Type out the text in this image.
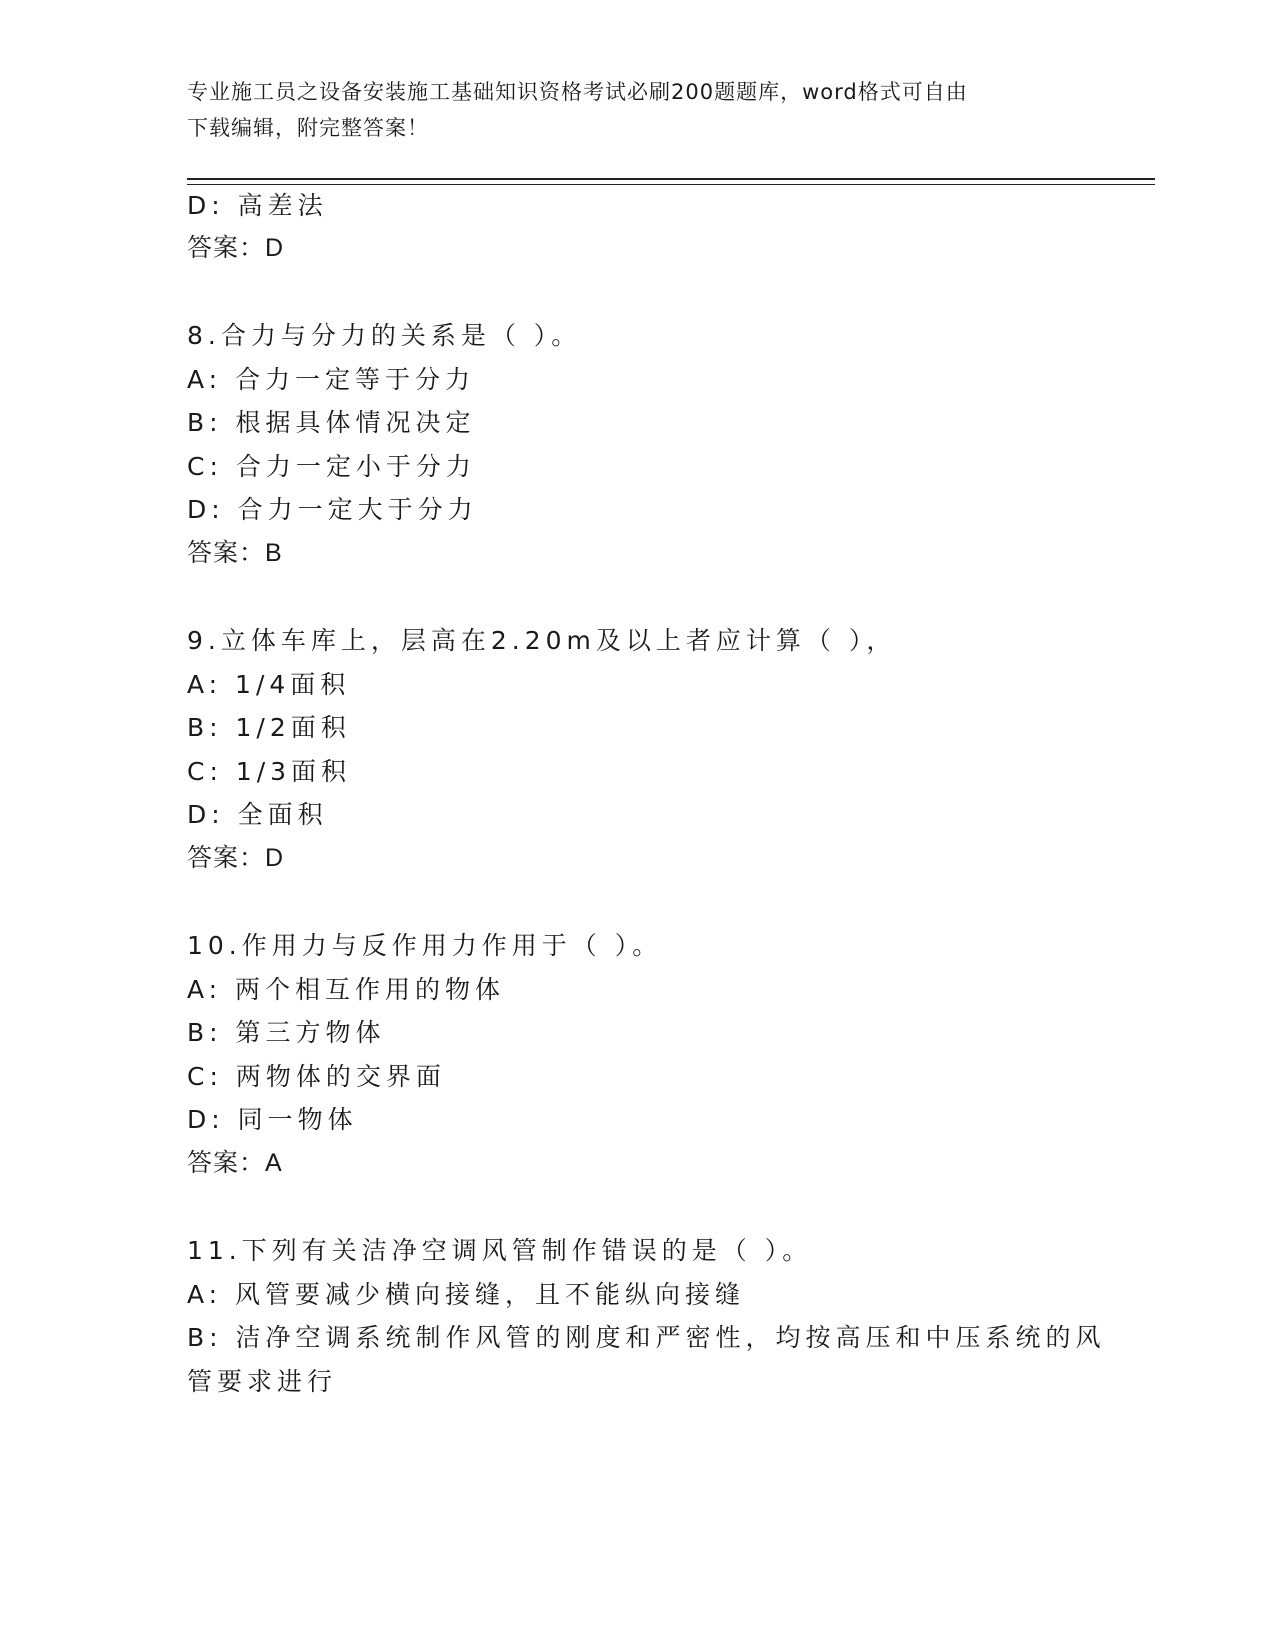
专业施工员之设备安装施工基础知识资格考试必刷200题题库，word格式可自由
下载编辑，附完整答案！
D: 高差法
答案：D
8.合力与分力的关系是（ ）。
A: 合力一定等于分力
B: 根据具体情况决定
C: 合力一定小于分力
D: 合力一定大于分力
答案：B
9.立体车库上，层高在2.20m及以上者应计算（ ），
A: 1/4面积
B: 1/2面积
C: 1/3面积
D: 全面积
答案：D
10.作用力与反作用力作用于（ ）。
A: 两个相互作用的物体
B: 第三方物体
C: 两物体的交界面
D: 同一物体
答案：A
11.下列有关洁净空调风管制作错误的是（ ）。
A: 风管要减少横向接缝，且不能纵向接缝
B: 洁净空调系统制作风管的刚度和严密性，均按高压和中压系统的风
管要求进行
